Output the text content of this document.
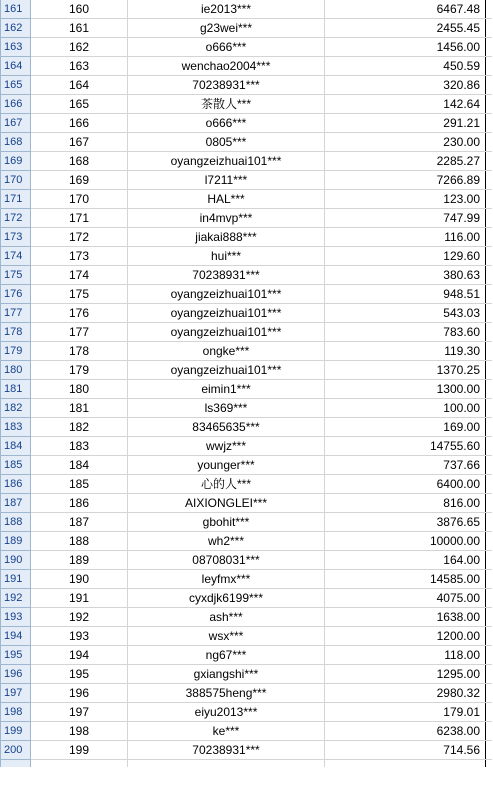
161	160	ie2013***	6467.48
162	161	g23wei***	2455.45
163	162	o666***	1456.00
164	163	wenchao2004***	450.59
165	164	70238931***	320.86
166	165	茶散人***	142.64
167	166	o666***	291.21
168	167	0805***	230.00
169	168	oyangzeizhuai101***	2285.27
170	169	l7211***	7266.89
171	170	HAL***	123.00
172	171	in4mvp***	747.99
173	172	jiakai888***	116.00
174	173	hui***	129.60
175	174	70238931***	380.63
176	175	oyangzeizhuai101***	948.51
177	176	oyangzeizhuai101***	543.03
178	177	oyangzeizhuai101***	783.60
179	178	ongke***	119.30
180	179	oyangzeizhuai101***	1370.25
181	180	eimin1***	1300.00
182	181	ls369***	100.00
183	182	83465635***	169.00
184	183	wwjz***	14755.60
185	184	younger***	737.66
186	185	心的人***	6400.00
187	186	AIXIONGLEI***	816.00
188	187	gbohit***	3876.65
189	188	wh2***	10000.00
190	189	08708031***	164.00
191	190	leyfmx***	14585.00
192	191	cyxdjk6199***	4075.00
193	192	ash***	1638.00
194	193	wsx***	1200.00
195	194	ng67***	118.00
196	195	gxiangshi***	1295.00
197	196	388575heng***	2980.32
198	197	eiyu2013***	179.01
199	198	ke***	6238.00
200	199	70238931***	714.56
